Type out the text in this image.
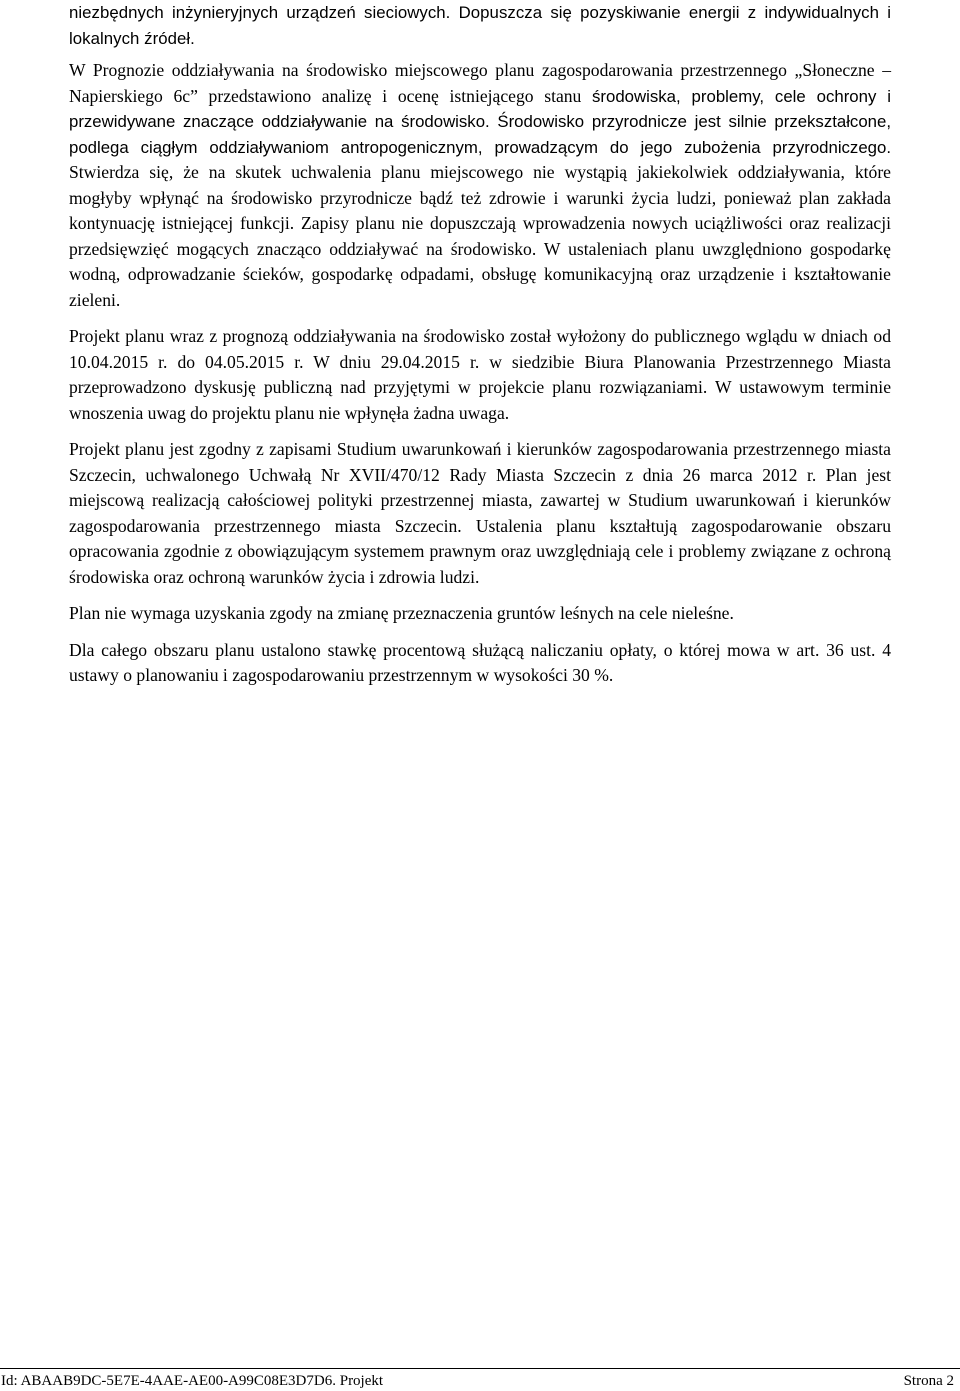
niezbędnych inżynieryjnych urządzeń sieciowych. Dopuszcza się pozyskiwanie energii z indywidualnych i lokalnych źródeł.

W Prognozie oddziaływania na środowisko miejscowego planu zagospodarowania przestrzennego „Słoneczne – Napierskiego 6c” przedstawiono analizę i ocenę istniejącego stanu środowiska, problemy, cele ochrony i przewidywane znaczące oddziaływanie na środowisko. Środowisko przyrodnicze jest silnie przekształcone, podlega ciągłym oddziaływaniom antropogenicznym, prowadzącym do jego zubożenia przyrodniczego. Stwierdza się, że na skutek uchwalenia planu miejscowego nie wystąpią jakiekolwiek oddziaływania, które mogłyby wpłynąć na środowisko przyrodnicze bądź też zdrowie i warunki życia ludzi, ponieważ plan zakłada kontynuację istniejącej funkcji. Zapisy planu nie dopuszczają wprowadzenia nowych uciążliwości oraz realizacji przedsięwzięć mogących znacząco oddziaływać na środowisko. W ustaleniach planu uwzględniono gospodarkę wodną, odprowadzanie ścieków, gospodarkę odpadami, obsługę komunikacyjną oraz urządzenie i kształtowanie zieleni.

Projekt planu wraz z prognozą oddziaływania na środowisko został wyłożony do publicznego wglądu w dniach od 10.04.2015 r. do 04.05.2015 r. W dniu 29.04.2015 r. w siedzibie Biura Planowania Przestrzennego Miasta przeprowadzono dyskusję publiczną nad przyjętymi w projekcie planu rozwiązaniami. W ustawowym terminie wnoszenia uwag do projektu planu nie wpłynęła żadna uwaga.

Projekt planu jest zgodny z zapisami Studium uwarunkowań i kierunków zagospodarowania przestrzennego miasta Szczecin, uchwalonego Uchwałą Nr XVII/470/12 Rady Miasta Szczecin z dnia 26 marca 2012 r. Plan jest miejscową realizacją całościowej polityki przestrzennej miasta, zawartej w Studium uwarunkowań i kierunków zagospodarowania przestrzennego miasta Szczecin. Ustalenia planu kształtują zagospodarowanie obszaru opracowania zgodnie z obowiązującym systemem prawnym oraz uwzględniają cele i problemy związane z ochroną środowiska oraz ochroną warunków życia i zdrowia ludzi.

Plan nie wymaga uzyskania zgody na zmianę przeznaczenia gruntów leśnych na cele nieleśne.

Dla całego obszaru planu ustalono stawkę procentową służącą naliczaniu opłaty, o której mowa w art. 36 ust. 4 ustawy o planowaniu i zagospodarowaniu przestrzennym w wysokości 30 %.

Id: ABAAB9DC-5E7E-4AAE-AE00-A99C08E3D7D6. Projekt	Strona 2
